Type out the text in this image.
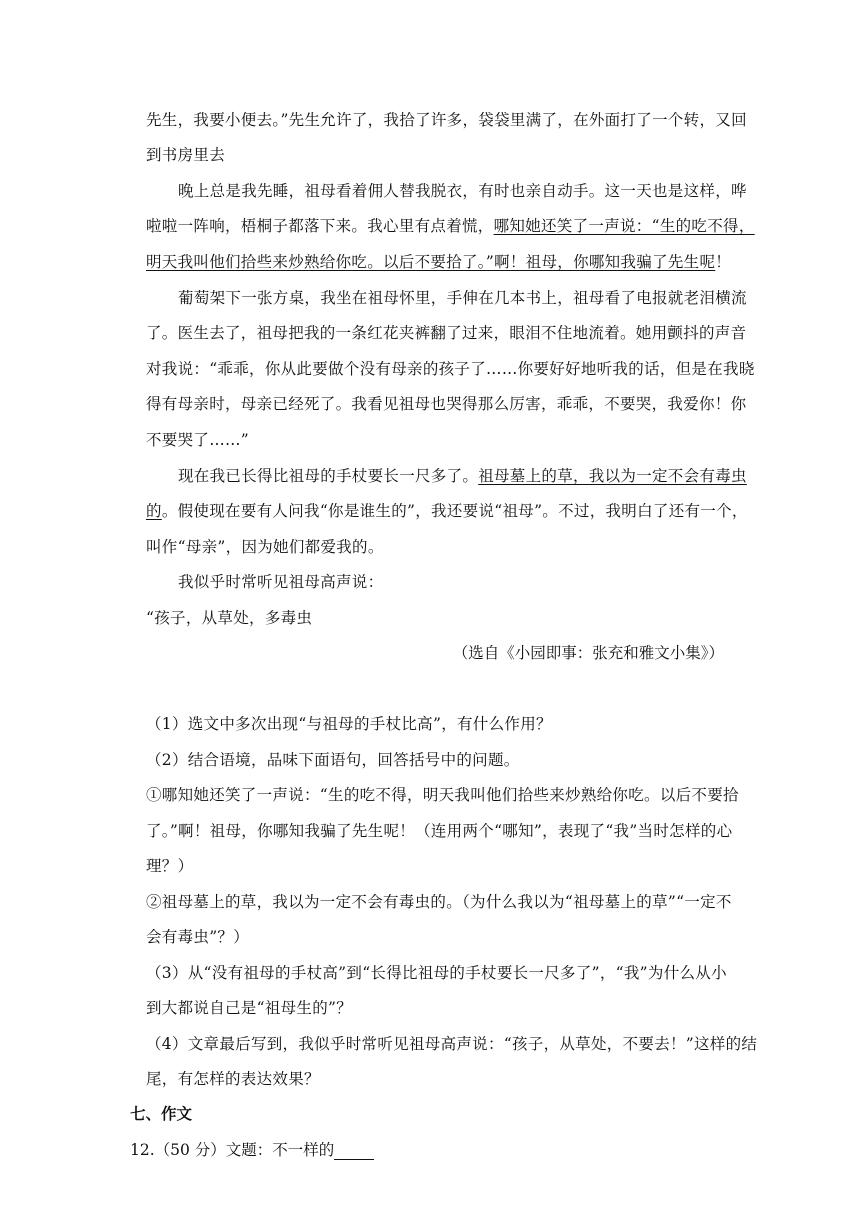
先生，我要小便去。”先生允许了，我拾了许多，袋袋里满了，在外面打了一个转，又回
到书房里去
晚上总是我先睡，祖母看着佣人替我脱衣，有时也亲自动手。这一天也是这样，哗
啦啦一阵响，梧桐子都落下来。我心里有点着慌，哪知她还笑了一声说：“生的吃不得，
明天我叫他们拾些来炒熟给你吃。以后不要拾了。”啊！祖母，你哪知我骗了先生呢！
葡萄架下一张方桌，我坐在祖母怀里，手伸在几本书上，祖母看了电报就老泪横流
了。医生去了，祖母把我的一条红花夹裤翻了过来，眼泪不住地流着。她用颤抖的声音
对我说：“乖乖，你从此要做个没有母亲的孩子了……你要好好地听我的话，但是在我晓
得有母亲时，母亲已经死了。我看见祖母也哭得那么厉害，乖乖，不要哭，我爱你！你
不要哭了……”
现在我已长得比祖母的手杖要长一尺多了。祖母墓上的草，我以为一定不会有毒虫
的。假使现在要有人问我“你是谁生的”，我还要说“祖母”。不过，我明白了还有一个，
叫作“母亲”，因为她们都爱我的。
我似乎时常听见祖母高声说：
“孩子，从草处，多毒虫
（选自《小园即事：张充和雅文小集》）
（1）选文中多次出现“与祖母的手杖比高”，有什么作用？
（2）结合语境，品味下面语句，回答括号中的问题。
①哪知她还笑了一声说：“生的吃不得，明天我叫他们拾些来炒熟给你吃。以后不要拾
了。”啊！祖母，你哪知我骗了先生呢！（连用两个“哪知”，表现了“我”当时怎样的心
理？）
②祖母墓上的草，我以为一定不会有毒虫的。（为什么我以为“祖母墓上的草”“一定不
会有毒虫”？）
（3）从“没有祖母的手杖高”到“长得比祖母的手杖要长一尺多了”，“我”为什么从小
到大都说自己是“祖母生的”？
（4）文章最后写到，我似乎时常听见祖母高声说：“孩子，从草处，不要去！”这样的结
尾，有怎样的表达效果？
七、作文
12.（50 分）文题：不一样的
